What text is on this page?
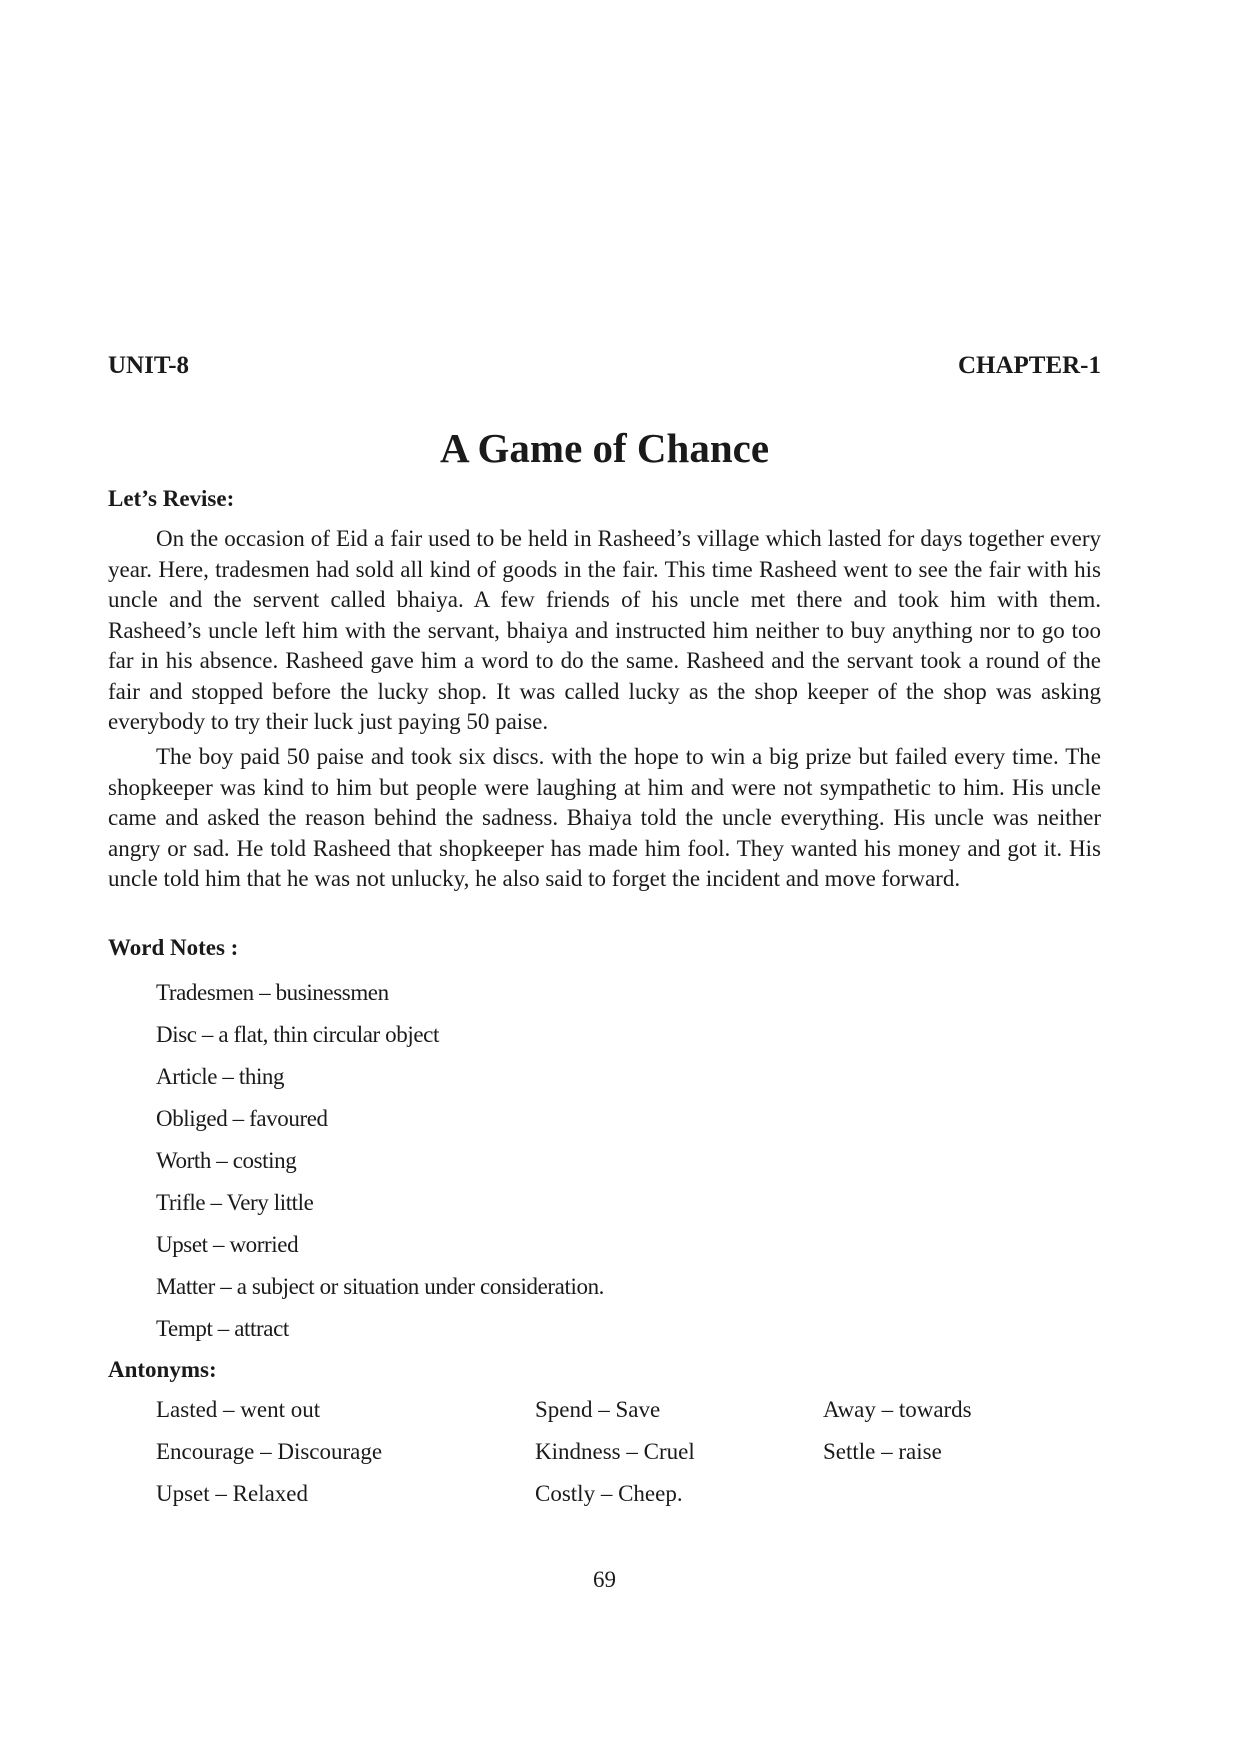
UNIT-8	CHAPTER-1
A Game of Chance
Let’s Revise:

On the occasion of Eid a fair used to be held in Rasheed’s village which lasted for days together every year. Here, tradesmen had sold all kind of goods in the fair. This time Rasheed went to see the fair with his uncle and the servent called bhaiya. A few friends of his uncle met there and took him with them. Rasheed’s uncle left him with the servant, bhaiya and instructed him neither to buy anything nor to go too far in his absence. Rasheed gave him a word to do the same. Rasheed and the servant took a round of the fair and stopped before the lucky shop. It was called lucky as the shop keeper of the shop was asking everybody to try their luck just paying 50 paise.

The boy paid 50 paise and took six discs. with the hope to win a big prize but failed every time. The shopkeeper was kind to him but people were laughing at him and were not sympathetic to him. His uncle came and asked the reason behind the sadness. Bhaiya told the uncle everything. His uncle was neither angry or sad. He told Rasheed that shopkeeper has made him fool. They wanted his money and got it. His uncle told him that he was not unlucky, he also said to forget the incident and move forward.

Word Notes :
Tradesmen – businessmen
Disc – a flat, thin circular object
Article – thing
Obliged – favoured
Worth – costing
Trifle – Very little
Upset – worried
Matter – a subject or situation under consideration.
Tempt – attract
Antonyms:
Lasted – went out	Spend – Save	Away – towards
Encourage – Discourage	Kindness – Cruel	Settle – raise
Upset – Relaxed	Costly – Cheep.
69
